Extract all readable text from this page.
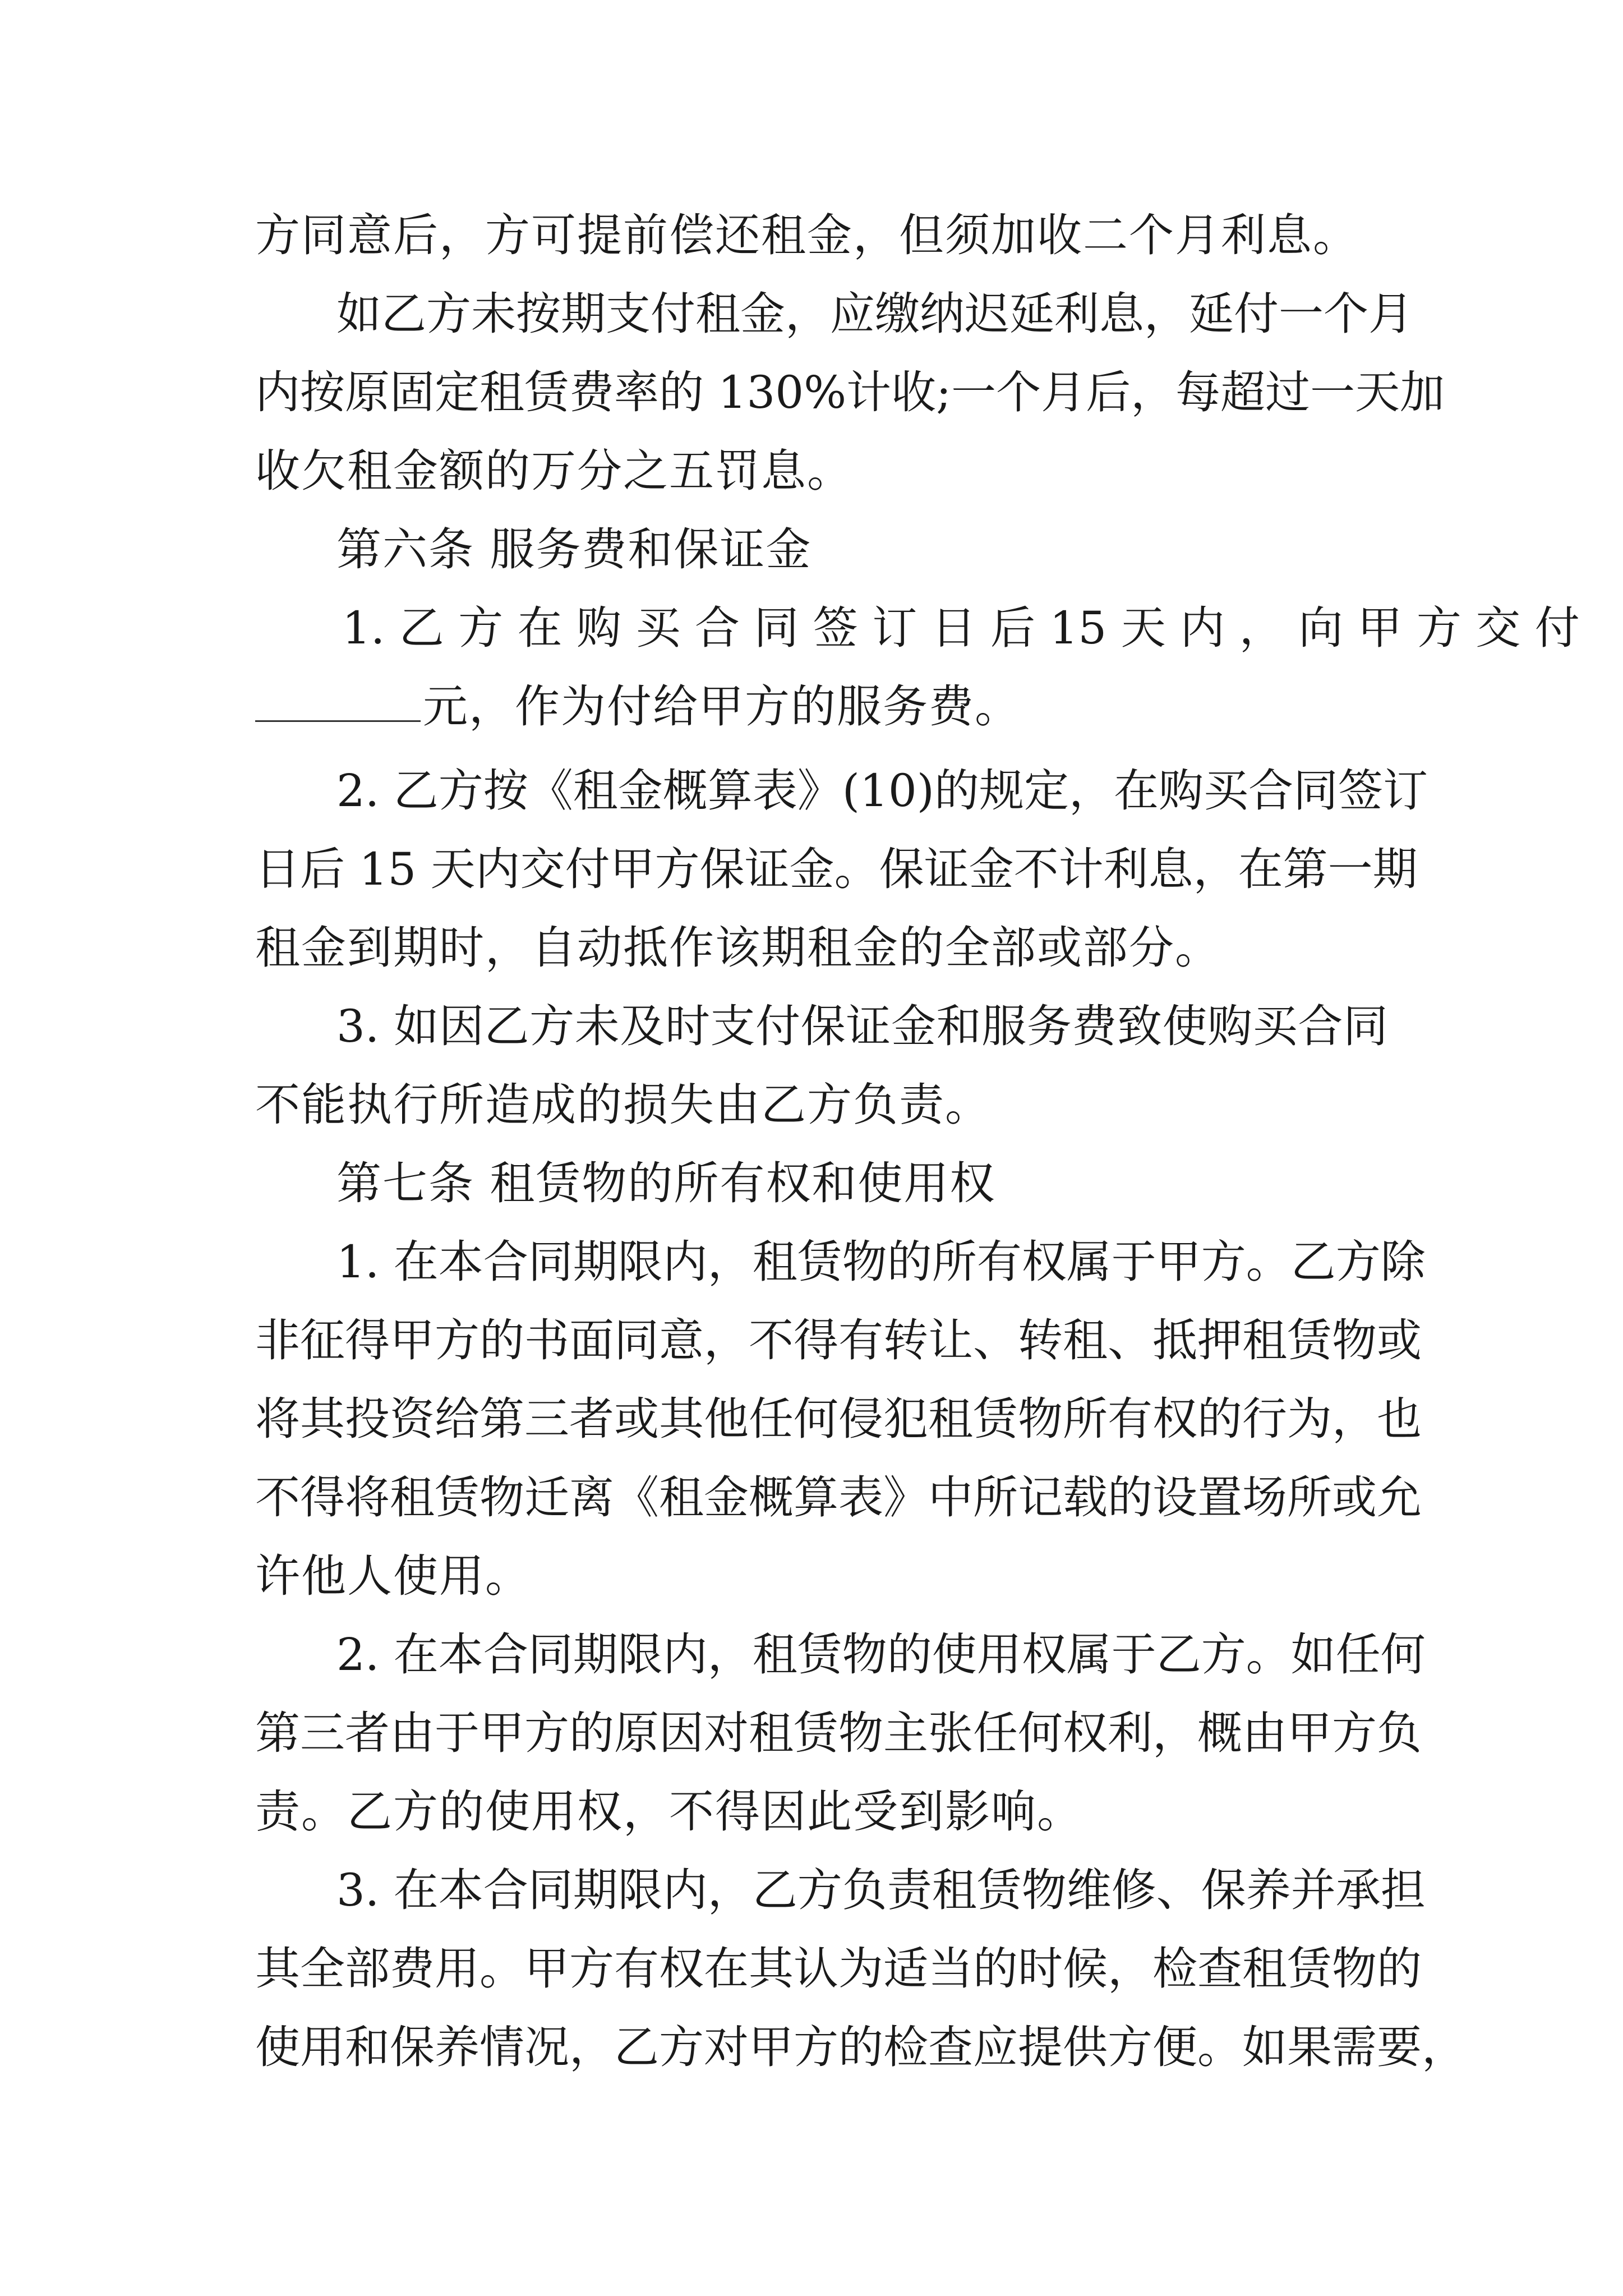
方同意后，方可提前偿还租金，但须加收二个月利息。

如乙方未按期支付租金，应缴纳迟延利息，延付一个月

内按原固定租赁费率的 130%计收;一个月后，每超过一天加

收欠租金额的万分之五罚息。

第六条 服务费和保证金

1. 乙 方 在 购 买 合 同 签 订 日 后 15 天 内 ， 向 甲 方 交 付

元，作为付给甲方的服务费。

2. 乙方按《租金概算表》(10)的规定，在购买合同签订

日后 15 天内交付甲方保证金。保证金不计利息，在第一期

租金到期时，自动抵作该期租金的全部或部分。

3. 如因乙方未及时支付保证金和服务费致使购买合同

不能执行所造成的损失由乙方负责。

第七条 租赁物的所有权和使用权

1. 在本合同期限内，租赁物的所有权属于甲方。乙方除

非征得甲方的书面同意，不得有转让、转租、抵押租赁物或

将其投资给第三者或其他任何侵犯租赁物所有权的行为，也

不得将租赁物迁离《租金概算表》中所记载的设置场所或允

许他人使用。

2. 在本合同期限内，租赁物的使用权属于乙方。如任何

第三者由于甲方的原因对租赁物主张任何权利，概由甲方负

责。乙方的使用权，不得因此受到影响。

3. 在本合同期限内，乙方负责租赁物维修、保养并承担

其全部费用。甲方有权在其认为适当的时候，检查租赁物的

使用和保养情况，乙方对甲方的检查应提供方便。如果需要，
